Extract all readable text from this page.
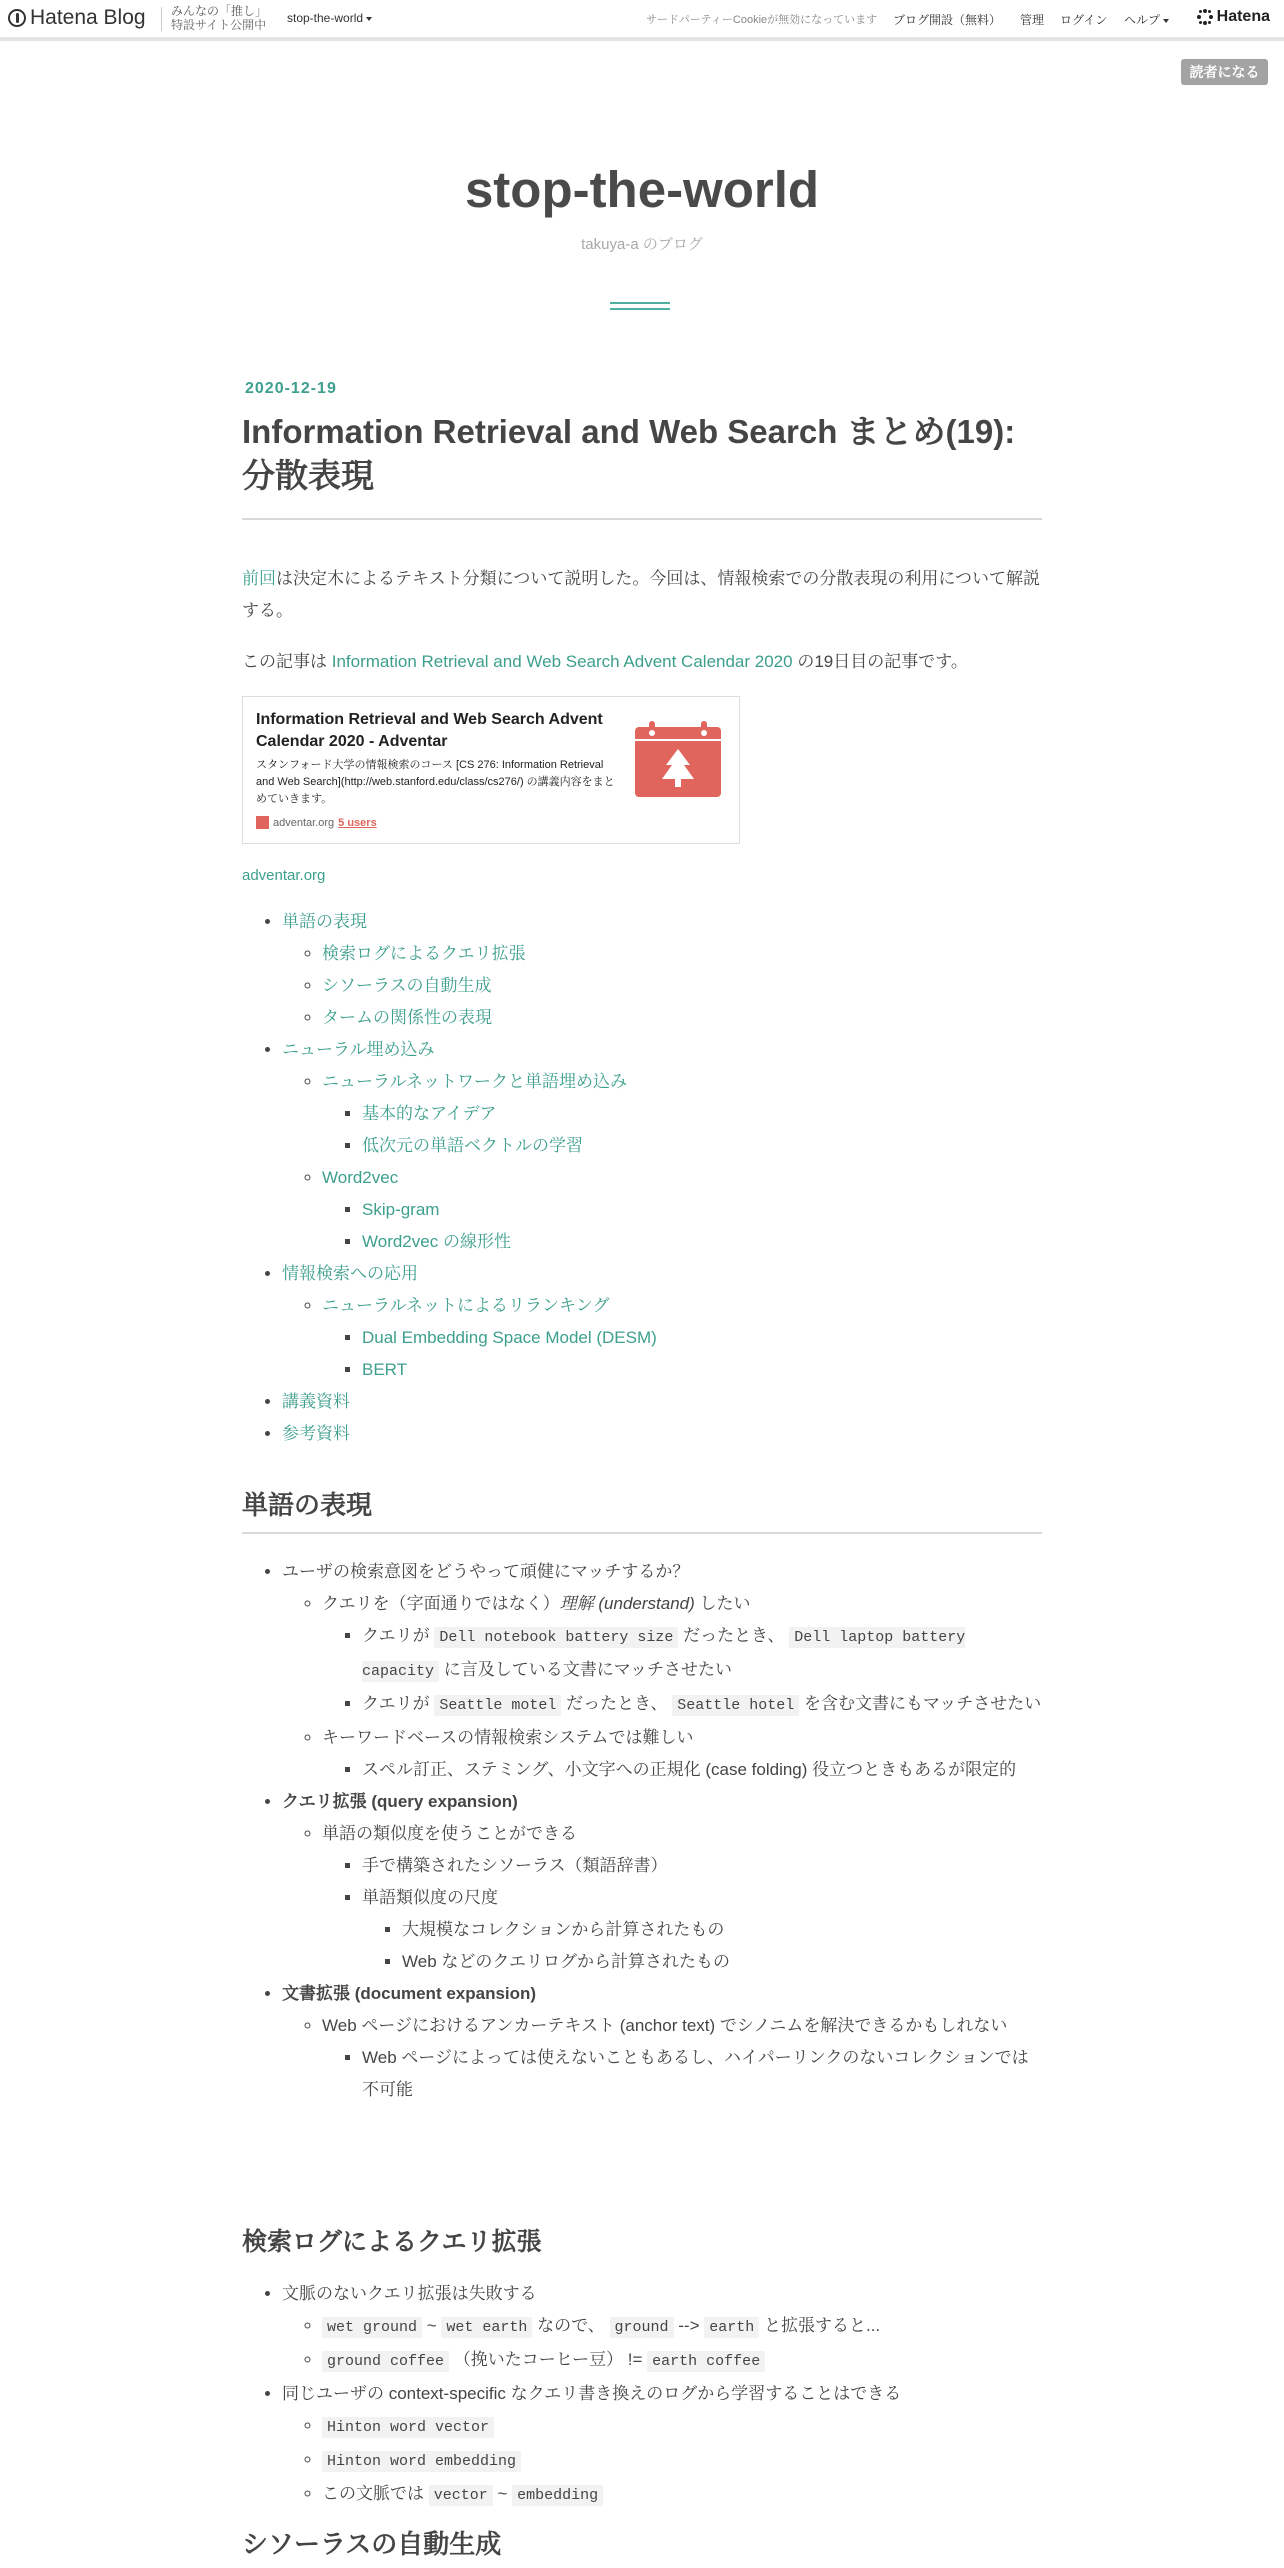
Hatena Blog みんなの「推し」
特設サイト公開中 stop-the-world	サードパーティーCookieが無効になっています ブログ開設（無料） 管理 ログイン ヘルプ	Hatena
読者になる
stop-the-world
takuya-a のブログ
2020-12-19
Information Retrieval and Web Search まとめ(19): 分散表現

前回は決定木によるテキスト分類について説明した。今回は、情報検索での分散表現の利用について解説する。

この記事は Information Retrieval and Web Search Advent Calendar 2020 の19日目の記事です。

Information Retrieval and Web Search Advent Calendar 2020 - Adventar
スタンフォード大学の情報検索のコース [CS 276: Information Retrieval and Web Search](http://web.stanford.edu/class/cs276/) の講義内容をまとめていきます。
adventar.org 5 users

adventar.org

• 単語の表現
◦ 検索ログによるクエリ拡張
◦ シソーラスの自動生成
◦ タームの関係性の表現
• ニューラル埋め込み
◦ ニューラルネットワークと単語埋め込み
▪ 基本的なアイデア
▪ 低次元の単語ベクトルの学習
◦ Word2vec
▪ Skip-gram
▪ Word2vec の線形性
• 情報検索への応用
◦ ニューラルネットによるリランキング
▪ Dual Embedding Space Model (DESM)
▪ BERT
• 講義資料
• 参考資料
単語の表現
• ユーザの検索意図をどうやって頑健にマッチするか？
◦ クエリを（字面通りではなく）理解 (understand) したい
▪ クエリが Dell notebook battery size だったとき、 Dell laptop battery capacity に言及している文書にマッチさせたい
▪ クエリが Seattle motel だったとき、 Seattle hotel を含む文書にもマッチさせたい
◦ キーワードベースの情報検索システムでは難しい
▪ スペル訂正、ステミング、小文字への正規化 (case folding) 役立つときもあるが限定的
• クエリ拡張 (query expansion)
◦ 単語の類似度を使うことができる
▪ 手で構築されたシソーラス（類語辞書）
▪ 単語類似度の尺度
▪ 大規模なコレクションから計算されたもの
▪ Web などのクエリログから計算されたもの
• 文書拡張 (document expansion)
◦ Web ページにおけるアンカーテキスト (anchor text) でシノニムを解決できるかもしれない
▪ Web ページによっては使えないこともあるし、ハイパーリンクのないコレクションでは不可能
検索ログによるクエリ拡張
• 文脈のないクエリ拡張は失敗する
◦ wet ground ~ wet earth なので、 ground --> earth と拡張すると...
◦ ground coffee （挽いたコーヒー豆） != earth coffee
• 同じユーザの context-specific なクエリ書き換えのログから学習することはできる
◦ Hinton word vector
◦ Hinton word embedding
◦ この文脈では vector ~ embedding
シソーラスの自動生成
